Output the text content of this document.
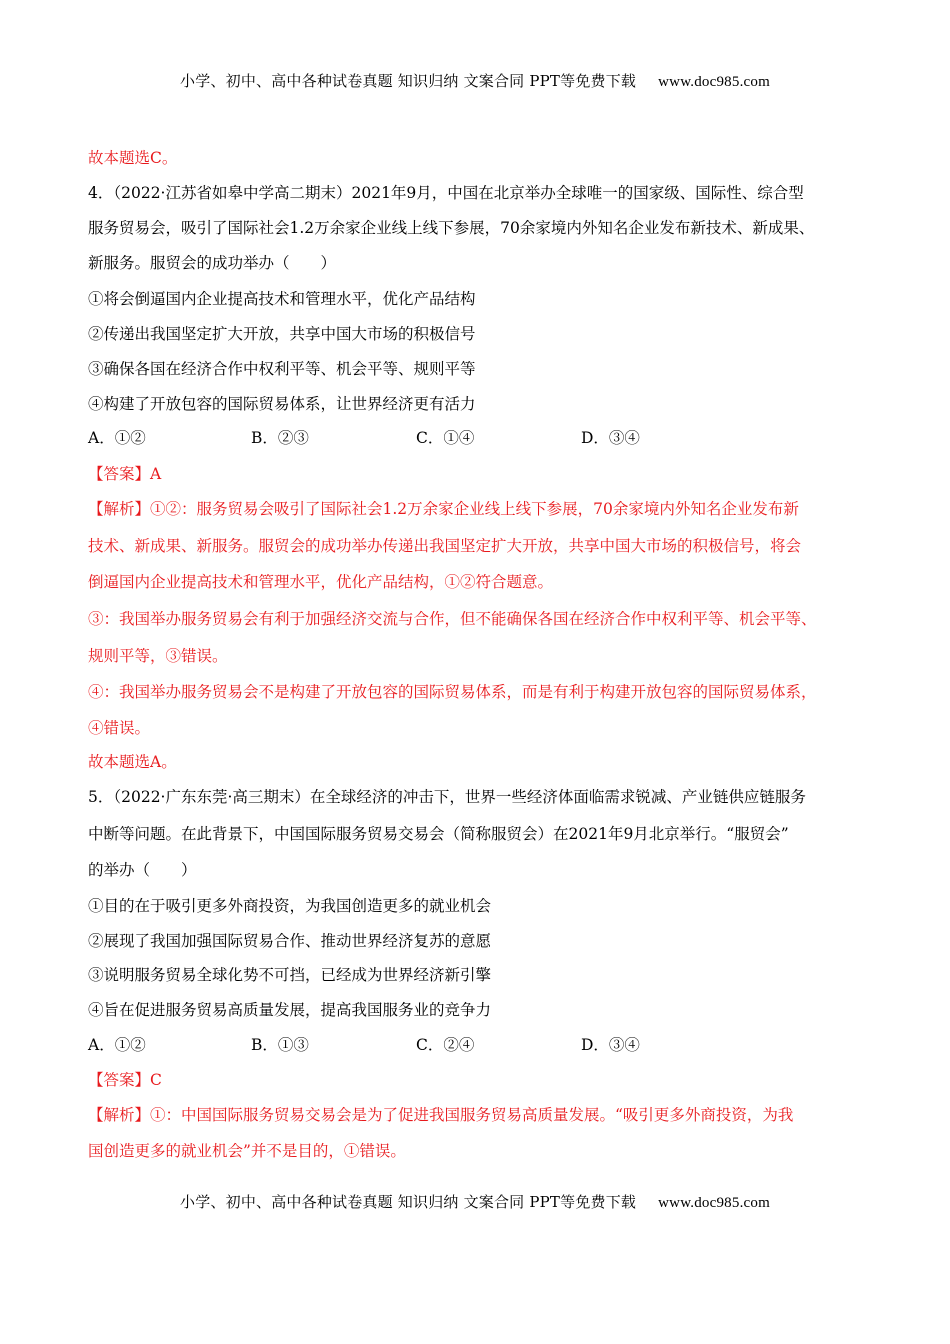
小学、初中、高中各种试卷真题 知识归纳 文案合同 PPT等免费下载 www.doc985.com
故本题选C。
4．（2022·江苏省如皋中学高二期末）2021年9月，中国在北京举办全球唯一的国家级、国际性、综合型
服务贸易会，吸引了国际社会1.2万余家企业线上线下参展，70余家境内外知名企业发布新技术、新成果、
新服务。服贸会的成功举办（　　）
①将会倒逼国内企业提高技术和管理水平，优化产品结构
②传递出我国坚定扩大开放，共享中国大市场的积极信号
③确保各国在经济合作中权利平等、机会平等、规则平等
④构建了开放包容的国际贸易体系，让世界经济更有活力
A．①②	B．②③	C．①④	D．③④
【答案】A
【解析】①②：服务贸易会吸引了国际社会1.2万余家企业线上线下参展，70余家境内外知名企业发布新
技术、新成果、新服务。服贸会的成功举办传递出我国坚定扩大开放，共享中国大市场的积极信号，将会
倒逼国内企业提高技术和管理水平，优化产品结构，①②符合题意。
③：我国举办服务贸易会有利于加强经济交流与合作，但不能确保各国在经济合作中权利平等、机会平等、
规则平等，③错误。
④：我国举办服务贸易会不是构建了开放包容的国际贸易体系，而是有利于构建开放包容的国际贸易体系，
④错误。
故本题选A。
5．（2022·广东东莞·高三期末）在全球经济的冲击下，世界一些经济体面临需求锐减、产业链供应链服务
中断等问题。在此背景下，中国国际服务贸易交易会（简称服贸会）在2021年9月北京举行。“服贸会”
的举办（　　）
①目的在于吸引更多外商投资，为我国创造更多的就业机会
②展现了我国加强国际贸易合作、推动世界经济复苏的意愿
③说明服务贸易全球化势不可挡，已经成为世界经济新引擎
④旨在促进服务贸易高质量发展，提高我国服务业的竞争力
A．①②	B．①③	C．②④	D．③④
【答案】C
【解析】①：中国国际服务贸易交易会是为了促进我国服务贸易高质量发展。“吸引更多外商投资，为我
国创造更多的就业机会”并不是目的，①错误。
小学、初中、高中各种试卷真题 知识归纳 文案合同 PPT等免费下载 www.doc985.com
